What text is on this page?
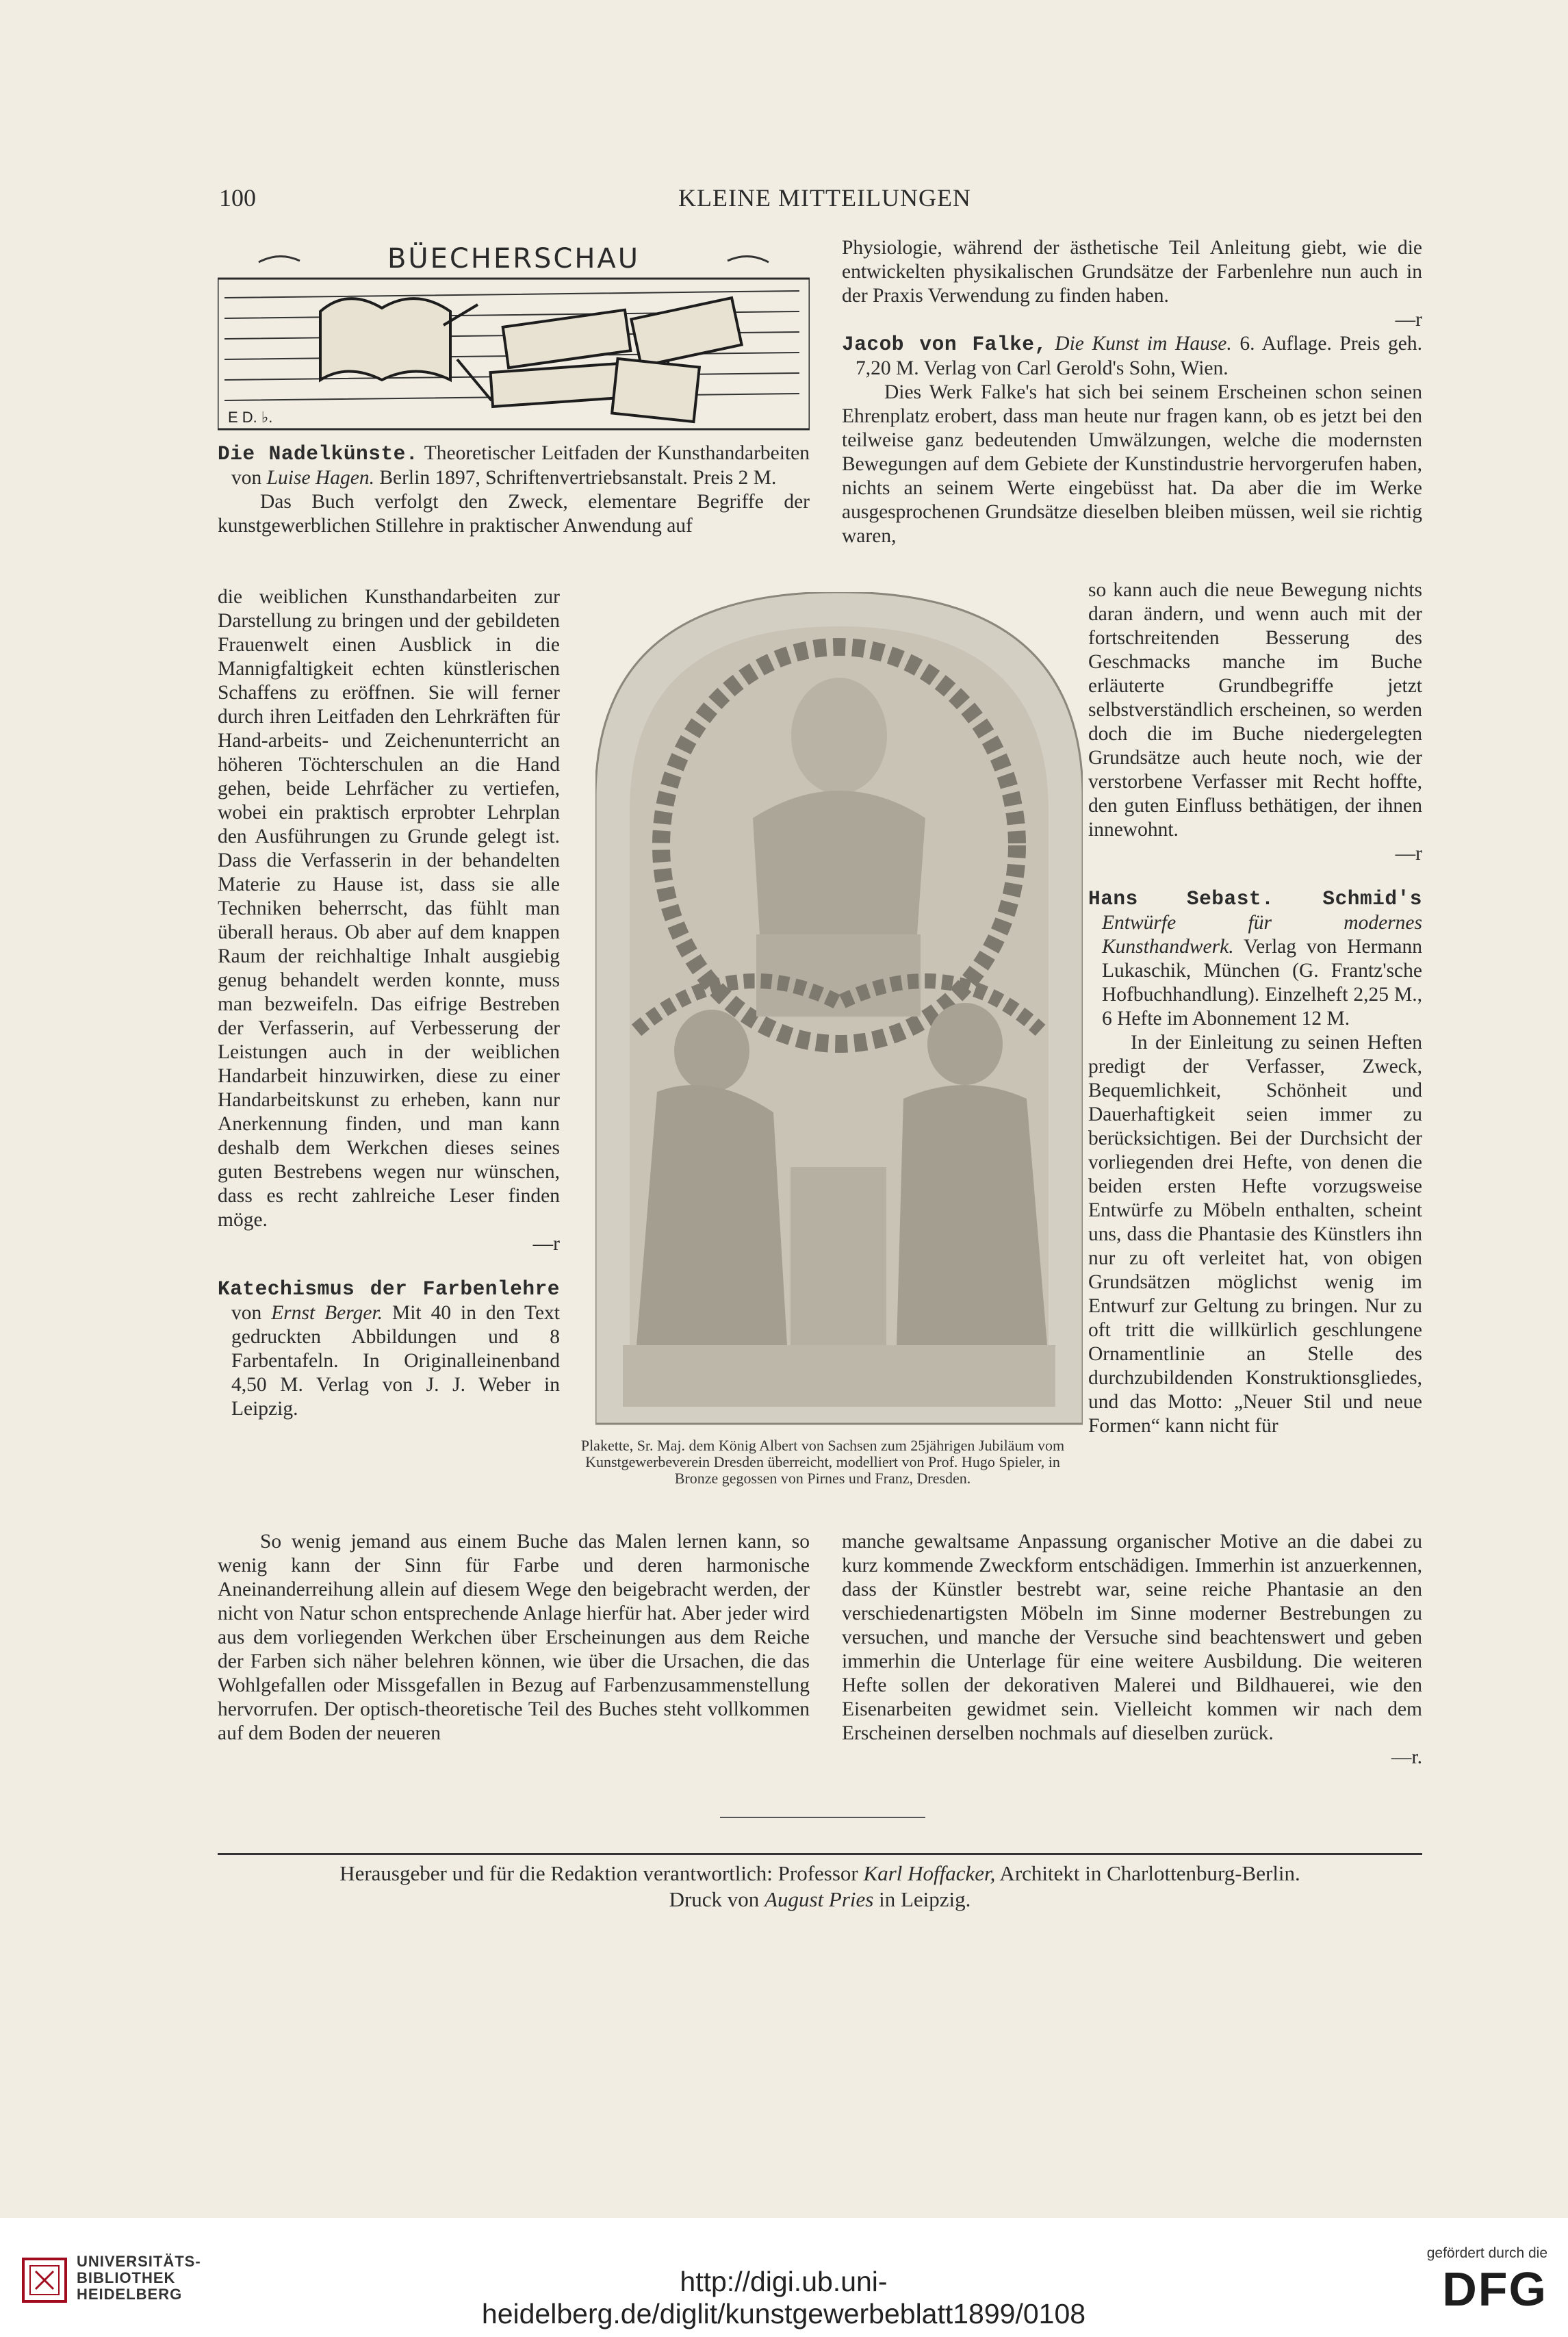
100	KLEINE MITTEILUNGEN
BÜECHERSCHAU
E D. ♭.

Die Nadelkünste. Theoretischer Leitfaden der Kunsthandarbeiten von Luise Hagen. Berlin 1897, Schriftenvertriebsanstalt. Preis 2 M.

Das Buch verfolgt den Zweck, elementare Begriffe der kunstgewerblichen Stillehre in praktischer Anwendung auf

die weiblichen Kunsthandarbeiten zur Darstellung zu bringen und der gebildeten Frauenwelt einen Ausblick in die Mannigfaltigkeit echten künstlerischen Schaffens zu eröffnen. Sie will ferner durch ihren Leitfaden den Lehrkräften für Hand-arbeits- und Zeichenunterricht an höheren Töchterschulen an die Hand gehen, beide Lehrfächer zu vertiefen, wobei ein praktisch erprobter Lehrplan den Ausführungen zu Grunde gelegt ist. Dass die Verfasserin in der behandelten Materie zu Hause ist, dass sie alle Techniken beherrscht, das fühlt man überall heraus. Ob aber auf dem knappen Raum der reichhaltige Inhalt ausgiebig genug behandelt werden konnte, muss man bezweifeln. Das eifrige Bestreben der Verfasserin, auf Verbesserung der Leistungen auch in der weiblichen Handarbeit hinzuwirken, diese zu einer Handarbeitskunst zu erheben, kann nur Anerkennung finden, und man kann deshalb dem Werkchen dieses seines guten Bestrebens wegen nur wünschen, dass es recht zahlreiche Leser finden möge.

—r

Katechismus der Farbenlehre von Ernst Berger. Mit 40 in den Text gedruckten Abbildungen und 8 Farbentafeln. In Originalleinenband 4,50 M. Verlag von J. J. Weber in Leipzig.

So wenig jemand aus einem Buche das Malen lernen kann, so wenig kann der Sinn für Farbe und deren harmonische Aneinanderreihung allein auf diesem Wege den beigebracht werden, der nicht von Natur schon entsprechende Anlage hierfür hat. Aber jeder wird aus dem vorliegenden Werkchen über Erscheinungen aus dem Reiche der Farben sich näher belehren können, wie über die Ursachen, die das Wohlgefallen oder Missgefallen in Bezug auf Farbenzusammenstellung hervorrufen. Der optisch-theoretische Teil des Buches steht vollkommen auf dem Boden der neueren

Physiologie, während der ästhetische Teil Anleitung giebt, wie die entwickelten physikalischen Grundsätze der Farbenlehre nun auch in der Praxis Verwendung zu finden haben.

—r

Jacob von Falke, Die Kunst im Hause. 6. Auflage. Preis geh. 7,20 M. Verlag von Carl Gerold's Sohn, Wien.

Dies Werk Falke's hat sich bei seinem Erscheinen schon seinen Ehrenplatz erobert, dass man heute nur fragen kann, ob es jetzt bei den teilweise ganz bedeutenden Umwälzungen, welche die modernsten Bewegungen auf dem Gebiete der Kunstindustrie hervorgerufen haben, nichts an seinem Werte eingebüsst hat. Da aber die im Werke ausgesprochenen Grundsätze dieselben bleiben müssen, weil sie richtig waren,

so kann auch die neue Bewegung nichts daran ändern, und wenn auch mit der fortschreitenden Besserung des Geschmacks manche im Buche erläuterte Grundbegriffe jetzt selbstverständlich erscheinen, so werden doch die im Buche niedergelegten Grundsätze auch heute noch, wie der verstorbene Verfasser mit Recht hoffte, den guten Einfluss bethätigen, der ihnen innewohnt.

—r

Hans Sebast. Schmid's Entwürfe für modernes Kunsthandwerk. Verlag von Hermann Lukaschik, München (G. Frantz'sche Hofbuchhandlung). Einzelheft 2,25 M., 6 Hefte im Abonnement 12 M.

In der Einleitung zu seinen Heften predigt der Verfasser, Zweck, Bequemlichkeit, Schönheit und Dauerhaftigkeit seien immer zu berücksichtigen. Bei der Durchsicht der vorliegenden drei Hefte, von denen die beiden ersten Hefte vorzugsweise Entwürfe zu Möbeln enthalten, scheint uns, dass die Phantasie des Künstlers ihn nur zu oft verleitet hat, von obigen Grundsätzen möglichst wenig im Entwurf zur Geltung zu bringen. Nur zu oft tritt die willkürlich geschlungene Ornamentlinie an Stelle des durchzubildenden Konstruktionsgliedes, und das Motto: „Neuer Stil und neue Formen“ kann nicht für

manche gewaltsame Anpassung organischer Motive an die dabei zu kurz kommende Zweckform entschädigen. Immerhin ist anzuerkennen, dass der Künstler bestrebt war, seine reiche Phantasie an den verschiedenartigsten Möbeln im Sinne moderner Bestrebungen zu versuchen, und manche der Versuche sind beachtenswert und geben immerhin die Unterlage für eine weitere Ausbildung. Die weiteren Hefte sollen der dekorativen Malerei und Bildhauerei, wie den Eisenarbeiten gewidmet sein. Vielleicht kommen wir nach dem Erscheinen derselben nochmals auf dieselben zurück.

—r.

Plakette, Sr. Maj. dem König Albert von Sachsen zum 25jährigen Jubiläum vom Kunstgewerbeverein Dresden überreicht, modelliert von Prof. Hugo Spieler, in Bronze gegossen von Pirnes und Franz, Dresden.
Herausgeber und für die Redaktion verantwortlich: Professor Karl Hoffacker, Architekt in Charlottenburg-Berlin.
Druck von August Pries in Leipzig.
UNIVERSITÄTS-
BIBLIOTHEK
HEIDELBERG	http://digi.ub.uni-heidelberg.de/diglit/kunstgewerbeblatt1899/0108
gefördert durch die
DFG
